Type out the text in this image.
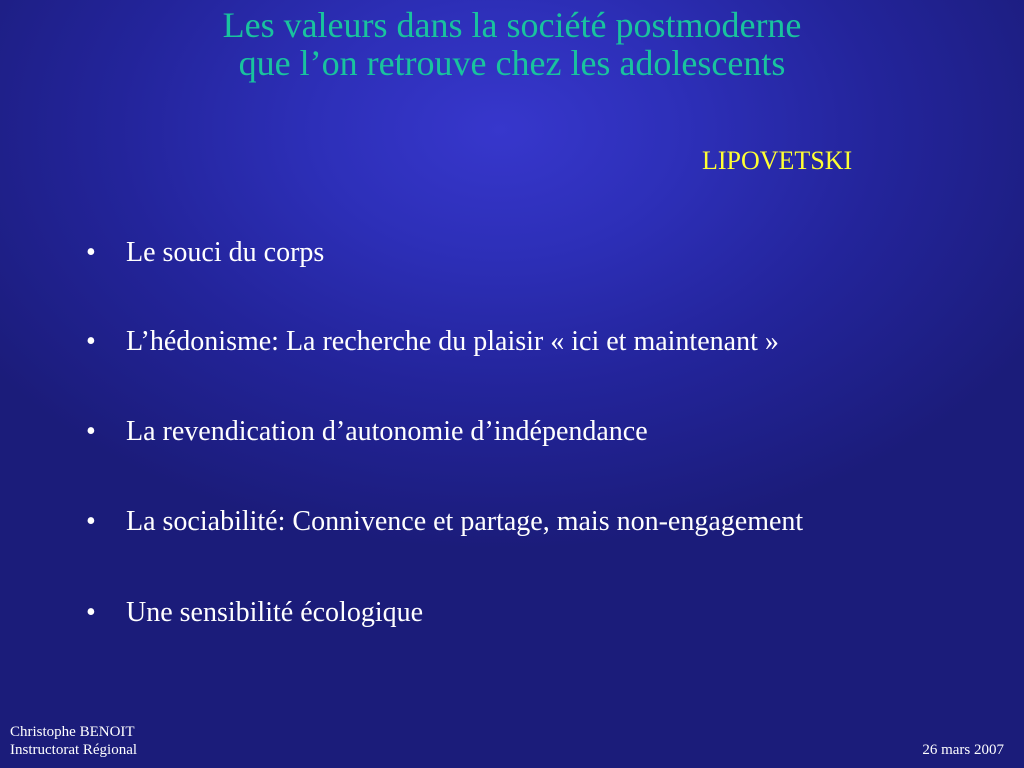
Les valeurs dans la société postmoderne
que l’on retrouve chez les adolescents
LIPOVETSKI
• Le souci du corps
• L’hédonisme: La recherche du plaisir « ici et maintenant »
• La revendication d’autonomie d’indépendance
• La sociabilité: Connivence et partage, mais non-engagement
• Une sensibilité écologique
Christophe BENOIT
Instructorat Régional	26 mars 2007
